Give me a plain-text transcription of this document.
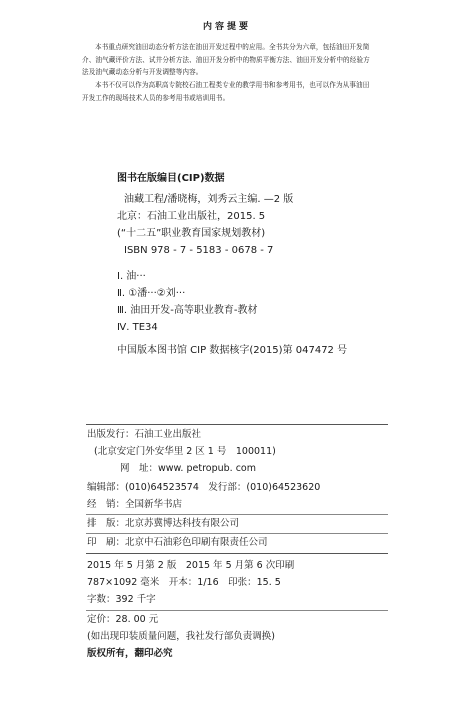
内容提要
本书重点研究油田动态分析方法在油田开发过程中的应用。全书共分为六章，包括油田开发简介、油气藏评价方法、试井分析方法、油田开发分析中的物质平衡方法、油田开发分析中的经验方法及油气藏动态分析与开发调整等内容。
本书不仅可以作为高职高专院校石油工程类专业的教学用书和参考用书，也可以作为从事油田开发工作的现场技术人员的参考用书或培训用书。
图书在版编目(CIP)数据
油藏工程/潘晓梅，刘秀云主编. —2 版
北京：石油工业出版社，2015. 5
(“十二五”职业教育国家规划教材)
ISBN 978 - 7 - 5183 - 0678 - 7
Ⅰ. 油···
Ⅱ. ①潘···②刘···
Ⅲ. 油田开发-高等职业教育-教材
Ⅳ. TE34
中国版本图书馆 CIP 数据核字(2015)第 047472 号
出版发行：石油工业出版社
(北京安定门外安华里 2 区 1 号　100011)
网　址：www. petropub. com
编辑部：(010)64523574　发行部：(010)64523620
经　销：全国新华书店
排　版：北京苏冀博达科技有限公司
印　刷：北京中石油彩色印刷有限责任公司
2015 年 5 月第 2 版　2015 年 5 月第 6 次印刷
787×1092 毫米　开本：1/16　印张：15. 5
字数：392 千字
定价：28. 00 元
(如出现印装质量问题，我社发行部负责调换)
版权所有，翻印必究
